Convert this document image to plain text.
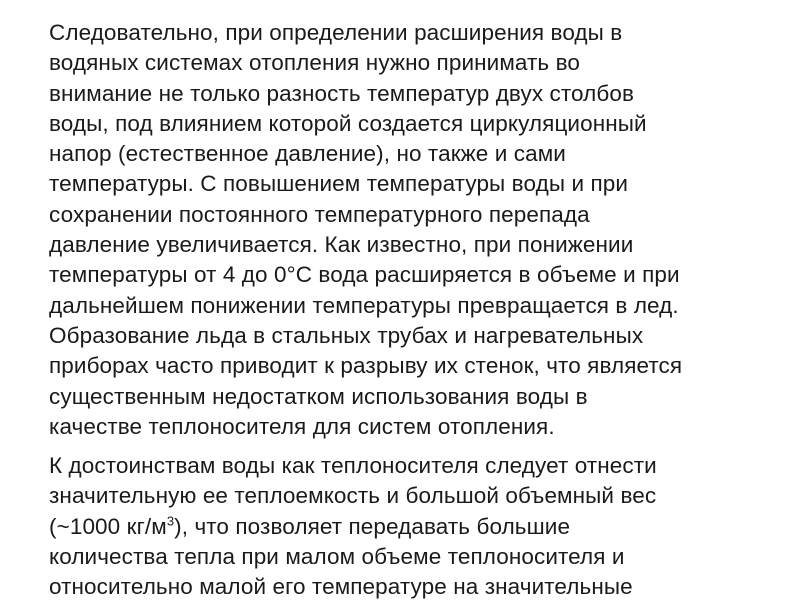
Следовательно, при определении расширения воды в
водяных системах отопления нужно принимать во
внимание не только разность температур двух столбов
воды, под влиянием которой создается циркуляционный
напор (естественное давление), но также и сами
температуры. С повышением температуры воды и при
сохранении постоянного температурного перепада
давление увеличивается. Как известно, при понижении
температуры от 4 до 0°С вода расширяется в объеме и при
дальнейшем понижении температуры превращается в лед.
Образование льда в стальных трубах и нагревательных
приборах часто приводит к разрыву их стенок, что является
существенным недостатком использования воды в
качестве теплоносителя для систем отопления.
К достоинствам воды как теплоносителя следует отнести
значительную ее теплоемкость и большой объемный вес
(~1000 $кг/м^3$), что позволяет передавать большие
количества тепла при малом объеме теплоносителя и
относительно малой его температуре на значительные
